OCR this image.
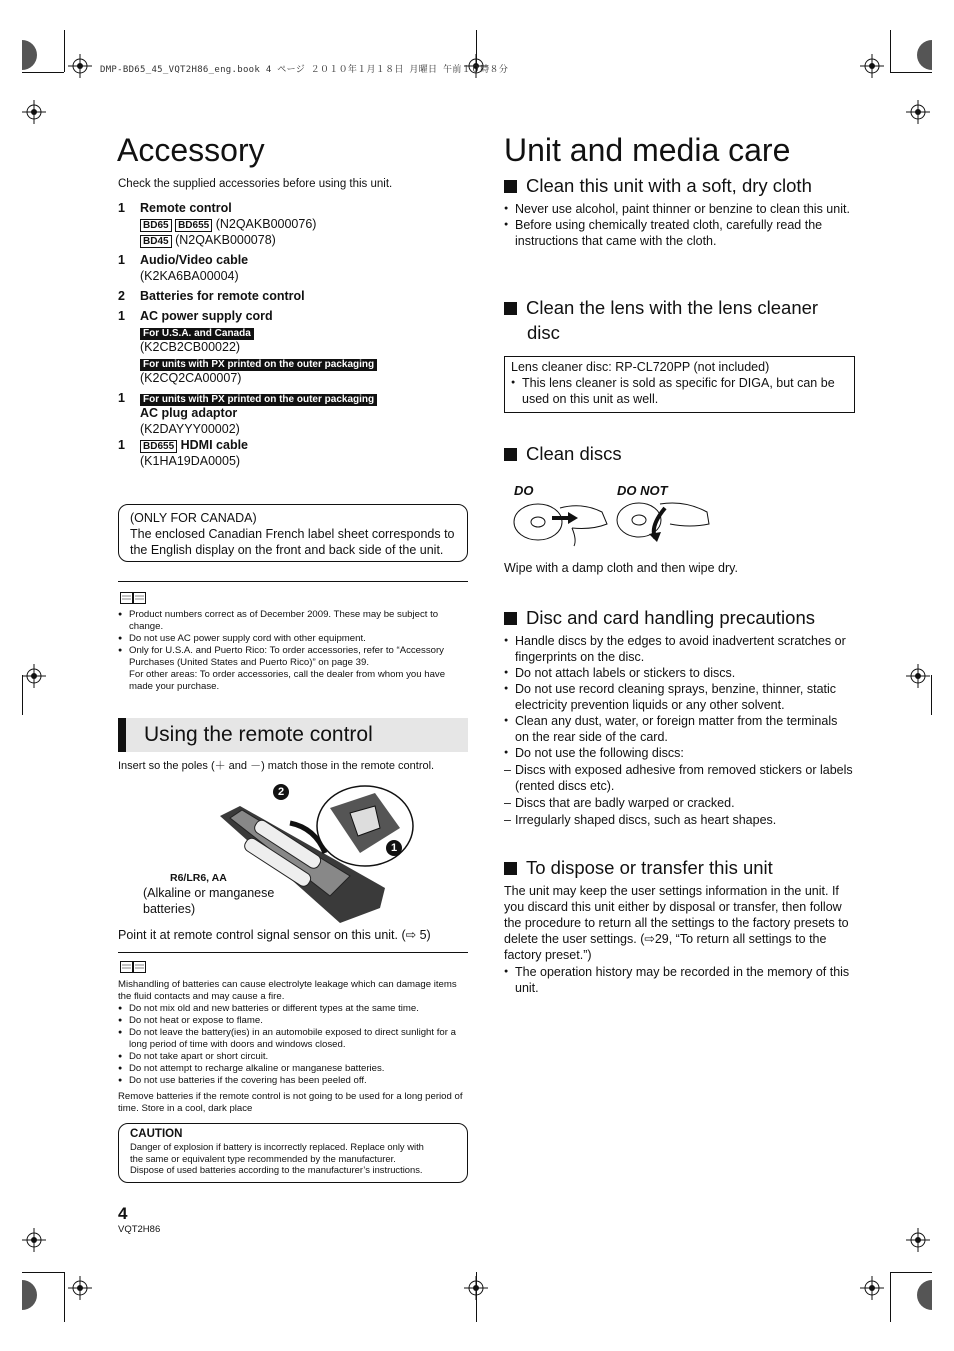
DMP-BD65_45_VQT2H86_eng.book 4 ページ ２０１０年１月１８日 月曜日 午前１０時８分
Accessory
Check the supplied accessories before using this unit.
1 Remote control
BD65 BD655 (N2QAKB000076)
BD45 (N2QAKB000078)
1 Audio/Video cable
(K2KA6BA00004)
2 Batteries for remote control
1 AC power supply cord
For U.S.A. and Canada
(K2CB2CB00022)
For units with PX printed on the outer packaging
(K2CQ2CA00007)
1	For units with PX printed on the outer packaging
AC plug adaptor
(K2DAYYY00002)
1	BD655 HDMI cable
(K1HA19DA0005)
(ONLY FOR CANADA)
The enclosed Canadian French label sheet corresponds to
the English display on the front and back side of the unit.
● Product numbers correct as of December 2009. These may be subject to change.
● Do not use AC power supply cord with other equipment.
● Only for U.S.A. and Puerto Rico: To order accessories, refer to “Accessory Purchases (United States and Puerto Rico)” on page 39.
For other areas: To order accessories, call the dealer from whom you have made your purchase.
Using the remote control
Insert so the poles (＋ and －) match those in the remote control.
2
1
R6/LR6, AA
(Alkaline or manganese
batteries)
Point it at remote control signal sensor on this unit. (⇨ 5)
Mishandling of batteries can cause electrolyte leakage which can damage items the fluid contacts and may cause a fire.
● Do not mix old and new batteries or different types at the same time.
● Do not heat or expose to flame.
● Do not leave the battery(ies) in an automobile exposed to direct sunlight for a long period of time with doors and windows closed.
● Do not take apart or short circuit.
● Do not attempt to recharge alkaline or manganese batteries.
● Do not use batteries if the covering has been peeled off.
Remove batteries if the remote control is not going to be used for a long period of time. Store in a cool, dark place
CAUTION
Danger of explosion if battery is incorrectly replaced. Replace only with
the same or equivalent type recommended by the manufacturer.
Dispose of used batteries according to the manufacturer’s instructions.
4
VQT2H86
Unit and media care
Clean this unit with a soft, dry cloth
● Never use alcohol, paint thinner or benzine to clean this unit.
● Before using chemically treated cloth, carefully read the instructions that came with the cloth.
Clean the lens with the lens cleaner
disc
Lens cleaner disc: RP-CL720PP (not included)
● This lens cleaner is sold as specific for DIGA, but can be used on this unit as well.
Clean discs
DO	DO NOT
Wipe with a damp cloth and then wipe dry.
Disc and card handling precautions
● Handle discs by the edges to avoid inadvertent scratches or fingerprints on the disc.
● Do not attach labels or stickers to discs.
● Do not use record cleaning sprays, benzine, thinner, static electricity prevention liquids or any other solvent.
● Clean any dust, water, or foreign matter from the terminals on the rear side of the card.
● Do not use the following discs:
– Discs with exposed adhesive from removed stickers or labels (rented discs etc).
– Discs that are badly warped or cracked.
– Irregularly shaped discs, such as heart shapes.
To dispose or transfer this unit
The unit may keep the user settings information in the unit. If you discard this unit either by disposal or transfer, then follow the procedure to return all the settings to the factory presets to delete the user settings. (⇨29, “To return all settings to the factory preset.”)
● The operation history may be recorded in the memory of this unit.
